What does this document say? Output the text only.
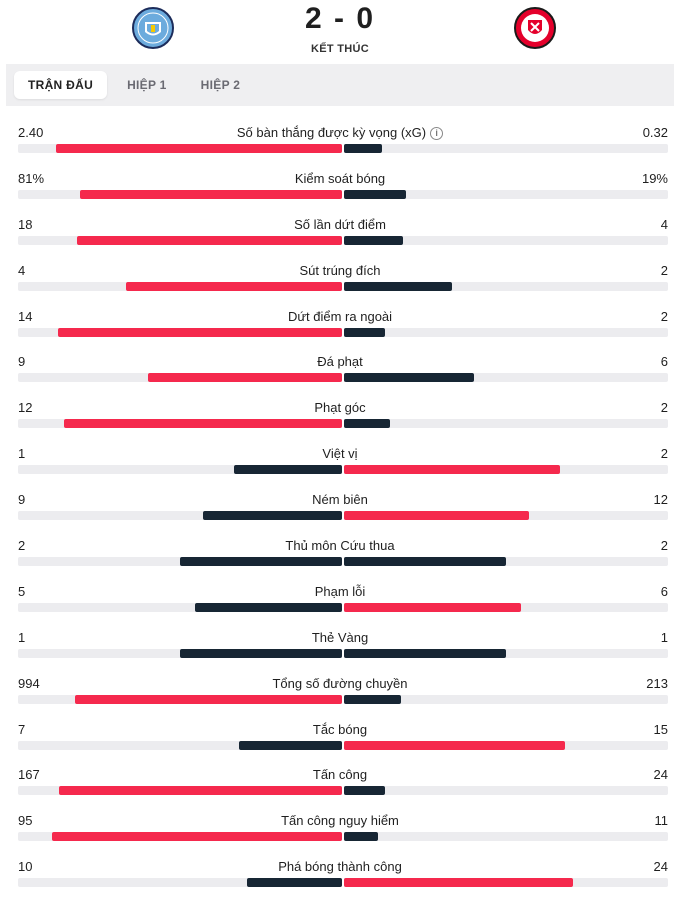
2 - 0
KẾT THÚC
TRẬN ĐẤU	HIỆP 1	HIỆP 2
2.40	Số bàn thắng được kỳ vọng (xG) i	0.32
81%	Kiểm soát bóng	19%
18	Số lần dứt điểm	4
4	Sút trúng đích	2
14	Dứt điểm ra ngoài	2
9	Đá phạt	6
12	Phạt góc	2
1	Việt vị	2
9	Ném biên	12
2	Thủ môn Cứu thua	2
5	Phạm lỗi	6
1	Thẻ Vàng	1
994	Tổng số đường chuyền	213
7	Tắc bóng	15
167	Tấn công	24
95	Tấn công nguy hiểm	11
10	Phá bóng thành công	24
